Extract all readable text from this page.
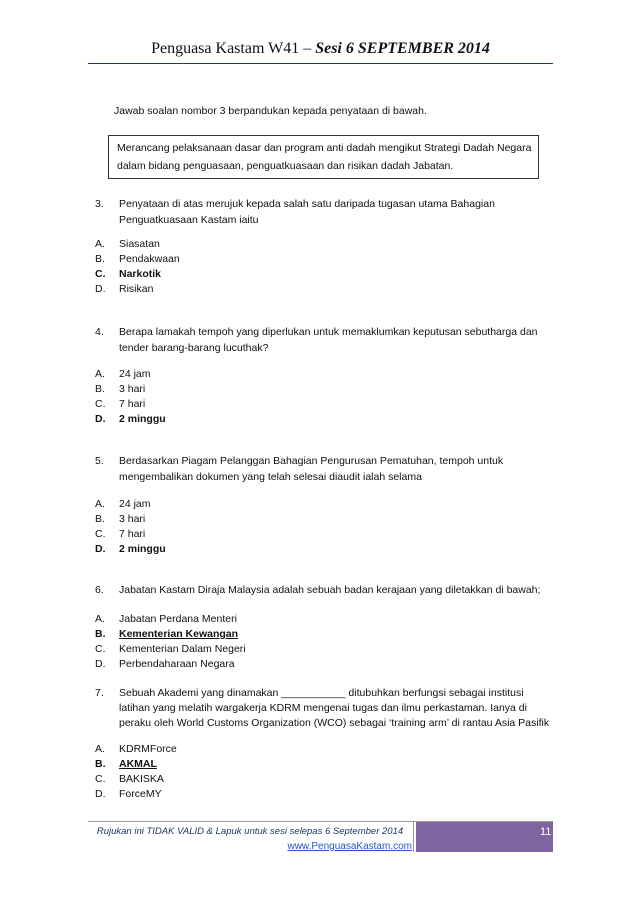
Penguasa Kastam W41 – Sesi 6 SEPTEMBER 2014
Jawab soalan nombor 3 berpandukan kepada penyataan di bawah.
Merancang pelaksanaan dasar dan program anti dadah mengikut Strategi Dadah Negara
dalam bidang penguasaan, penguatkuasaan dan risikan dadah Jabatan.
3. Penyataan di atas merujuk kepada salah satu daripada tugasan utama Bahagian
Penguatkuasaan Kastam iaitu
A. Siasatan
B. Pendakwaan
C. Narkotik
D. Risikan
4. Berapa lamakah tempoh yang diperlukan untuk memaklumkan keputusan sebutharga dan
tender barang-barang lucuthak?
A. 24 jam
B. 3 hari
C. 7 hari
D. 2 minggu
5. Berdasarkan Piagam Pelanggan Bahagian Pengurusan Pematuhan, tempoh untuk
mengembalikan dokumen yang telah selesai diaudit ialah selama
A. 24 jam
B. 3 hari
C. 7 hari
D. 2 minggu
6. Jabatan Kastam Diraja Malaysia adalah sebuah badan kerajaan yang diletakkan di bawah;
A. Jabatan Perdana Menteri
B. Kementerian Kewangan
C. Kementerian Dalam Negeri
D. Perbendaharaan Negara
7. Sebuah Akademi yang dinamakan ___________ ditubuhkan berfungsi sebagai institusi
latihan yang melatih wargakerja KDRM mengenai tugas dan ilmu perkastaman. Ianya di
peraku oleh World Customs Organization (WCO) sebagai ‘training arm’ di rantau Asia Pasifik
A. KDRMForce
B. AKMAL
C. BAKISKA
D. ForceMY
11
Rujukan ini TIDAK VALID & Lapuk untuk sesi selepas 6 September 2014
www.PenguasaKastam.com
